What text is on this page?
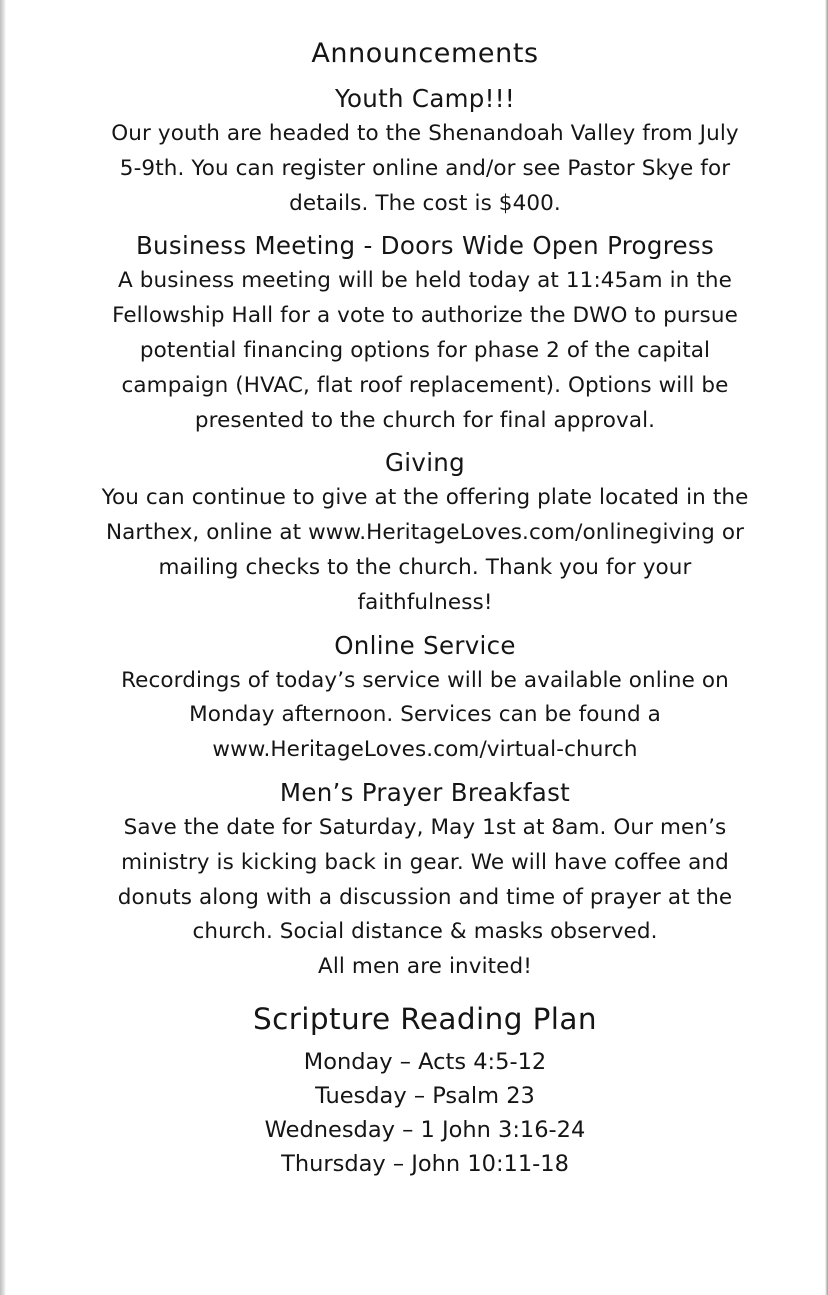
Announcements
Youth Camp!!!

Our youth are headed to the Shenandoah Valley from July
5-9th. You can register online and/or see Pastor Skye for
details. The cost is $400.

Business Meeting - Doors Wide Open Progress

A business meeting will be held today at 11:45am in the
Fellowship Hall for a vote to authorize the DWO to pursue
potential financing options for phase 2 of the capital
campaign (HVAC, flat roof replacement). Options will be
presented to the church for final approval.

Giving

You can continue to give at the offering plate located in the
Narthex, online at www.HeritageLoves.com/onlinegiving or
mailing checks to the church. Thank you for your
faithfulness!

Online Service

Recordings of today’s service will be available online on
Monday afternoon. Services can be found a
www.HeritageLoves.com/virtual-church

Men’s Prayer Breakfast

Save the date for Saturday, May 1st at 8am. Our men’s
ministry is kicking back in gear. We will have coffee and
donuts along with a discussion and time of prayer at the
church. Social distance & masks observed.
All men are invited!

Scripture Reading Plan
Monday – Acts 4:5-12
Tuesday – Psalm 23
Wednesday – 1 John 3:16-24
Thursday – John 10:11-18
